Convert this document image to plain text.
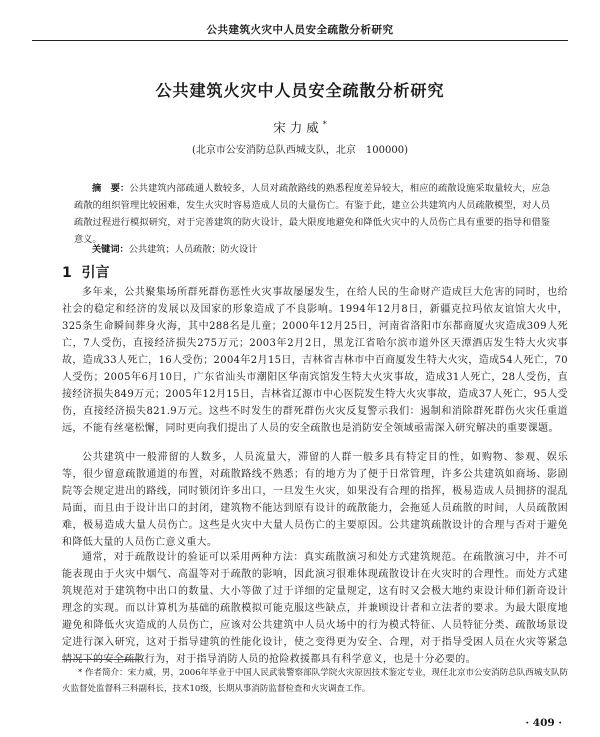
公共建筑火灾中人员安全疏散分析研究
公共建筑火灾中人员安全疏散分析研究
宋力威*
(北京市公安消防总队西城支队，北京　100000)
摘　要：公共建筑内部疏通人数较多，人员对疏散路线的熟悉程度差异较大，相应的疏散设施采取量较大，应急疏散的组织管理比较困难，发生火灾时容易造成人员的大量伤亡。有鉴于此，建立公共建筑内人员疏散模型，对人员疏散过程进行模拟研究，对于完善建筑的防火设计，最大限度地避免和降低火灾中的人员伤亡具有重要的指导和借鉴意义。
关键词：公共建筑；人员疏散；防火设计
1 引言

多年来，公共聚集场所群死群伤恶性火灾事故屡屡发生，在给人民的生命财产造成巨大危害的同时，也给社会的稳定和经济的发展以及国家的形象造成了不良影响。1994年12月8日，新疆克拉玛依友谊馆大火中，325条生命瞬间葬身火海，其中288名是儿童；2000年12月25日，河南省洛阳市东都商厦火灾造成309人死亡，7人受伤，直接经济损失275万元；2003年2月2日，黑龙江省哈尔滨市道外区天潭酒店发生特大火灾事故，造成33人死亡，16人受伤；2004年2月15日，吉林省吉林市中百商厦发生特大火灾，造成54人死亡，70人受伤；2005年6月10日，广东省汕头市潮阳区华南宾馆发生特大火灾事故，造成31人死亡，28人受伤，直接经济损失849万元；2005年12月15日，吉林省辽源市中心医院发生特大火灾事故，造成37人死亡，95人受伤，直接经济损失821.9万元。这些不时发生的群死群伤火灾反复警示我们：遏制和消除群死群伤火灾任重道远，不能有丝毫松懈，同时更向我们提出了人员的安全疏散也是消防安全领域亟需深入研究解决的重要课题。

公共建筑中一般滞留的人数多，人员流量大，滞留的人群一般多具有特定目的性，如购物、参观、娱乐等，很少留意疏散通道的布置，对疏散路线不熟悉；有的地方为了便于日常管理，许多公共建筑如商场、影剧院等会规定进出的路线，同时锁闭许多出口，一旦发生火灾，如果没有合理的指挥，极易造成人员拥挤的混乱局面，而且由于设计出口的封闭，建筑物不能达到原有设计的疏散能力，会拖延人员疏散的时间，人员疏散困难，极易造成大量人员伤亡。这些是火灾中大量人员伤亡的主要原因。公共建筑疏散设计的合理与否对于避免和降低大量的人员伤亡意义重大。

通常，对于疏散设计的验证可以采用两种方法：真实疏散演习和处方式建筑规范。在疏散演习中，并不可能表现由于火灾中烟气、高温等对于疏散的影响，因此演习很难体现疏散设计在火灾时的合理性。而处方式建筑规范对于建筑物中出口的数量、大小等做了过于详细的定量规定，这有时又会极大地约束设计师们新奇设计理念的实现。而以计算机为基础的疏散模拟可能克服这些缺点，并兼顾设计者和立法者的要求。为最大限度地避免和降低火灾造成的人员伤亡，应该对公共建筑中人员火场中的行为模式特征、人员特征分类、疏散场景设定进行深入研究，这对于指导建筑的性能化设计，使之变得更为安全、合理，对于指导受困人员在火灾等紧急情况下的安全疏散行为，对于指导消防人员的抢险救援都具有科学意义，也是十分必要的。

* 作者简介：宋力威，男，2006年毕业于中国人民武装警察部队学院火灾原因技术鉴定专业，现任北京市公安消防总队西城支队防火监督处监督科三科副科长，技术10级，长期从事消防监督检查和火灾调查工作。
· 409 ·
